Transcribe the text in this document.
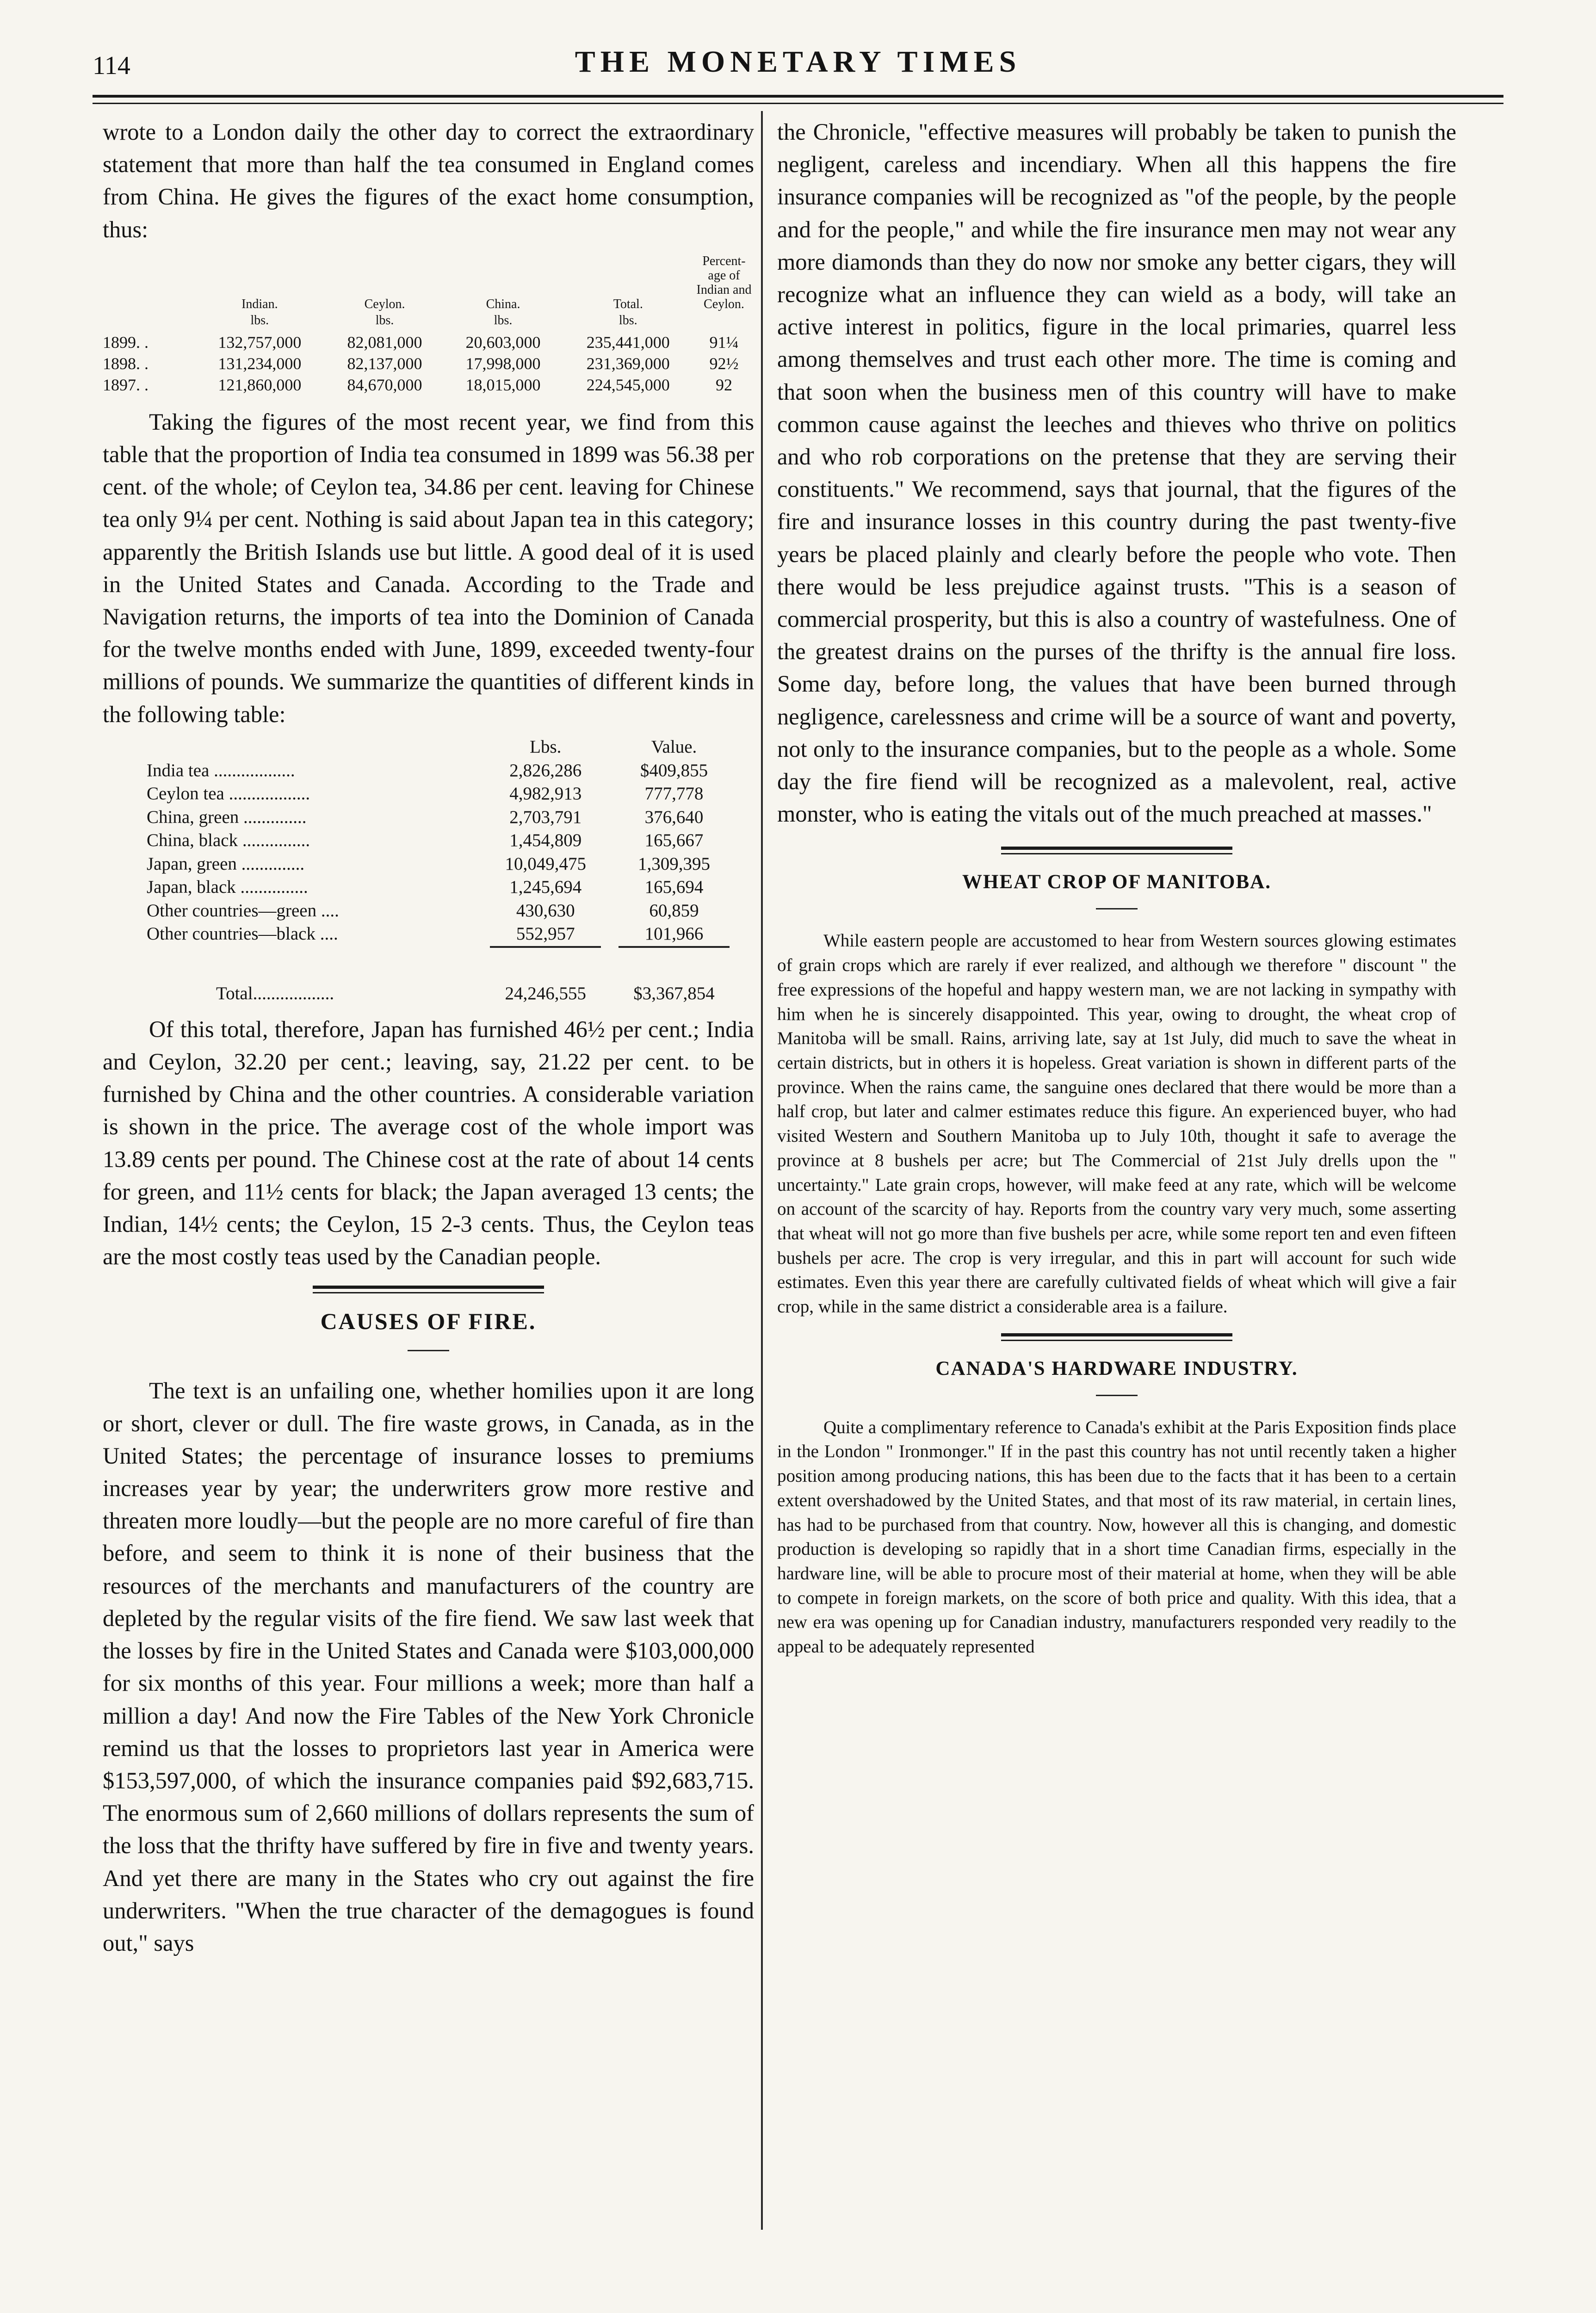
114	THE MONETARY TIMES

wrote to a London daily the other day to correct the extraordinary statement that more than half the tea consumed in England comes from China. He gives the figures of the exact home consumption, thus:

	Indian.	Ceylon.	China.	Total.	Percent-age of Indian and Ceylon.
	lbs.	lbs.	lbs.	lbs.	
1899. .	132,757,000	82,081,000	20,603,000	235,441,000	91¼
1898. .	131,234,000	82,137,000	17,998,000	231,369,000	92½
1897. .	121,860,000	84,670,000	18,015,000	224,545,000	92

Taking the figures of the most recent year, we find from this table that the proportion of India tea consumed in 1899 was 56.38 per cent. of the whole; of Ceylon tea, 34.86 per cent. leaving for Chinese tea only 9¼ per cent. Nothing is said about Japan tea in this category; apparently the British Islands use but little. A good deal of it is used in the United States and Canada. According to the Trade and Navigation returns, the imports of tea into the Dominion of Canada for the twelve months ended with June, 1899, exceeded twenty-four millions of pounds. We summarize the quantities of different kinds in the following table:

	Lbs.	Value.
India tea ..................	2,826,286	$409,855
Ceylon tea ..................	4,982,913	777,778
China, green ..............	2,703,791	376,640
China, black ...............	1,454,809	165,667
Japan, green ..............	10,049,475	1,309,395
Japan, black ...............	1,245,694	165,694
Other countries—green ....	430,630	60,859
Other countries—black ....	552,957	101,966

Total..................	24,246,555	$3,367,854

Of this total, therefore, Japan has furnished 46½ per cent.; India and Ceylon, 32.20 per cent.; leaving, say, 21.22 per cent. to be furnished by China and the other countries. A considerable variation is shown in the price. The average cost of the whole import was 13.89 cents per pound. The Chinese cost at the rate of about 14 cents for green, and 11½ cents for black; the Japan averaged 13 cents; the Indian, 14½ cents; the Ceylon, 15 2-3 cents. Thus, the Ceylon teas are the most costly teas used by the Canadian people.

CAUSES OF FIRE.

The text is an unfailing one, whether homilies upon it are long or short, clever or dull. The fire waste grows, in Canada, as in the United States; the percentage of insurance losses to premiums increases year by year; the underwriters grow more restive and threaten more loudly—but the people are no more careful of fire than before, and seem to think it is none of their business that the resources of the merchants and manufacturers of the country are depleted by the regular visits of the fire fiend. We saw last week that the losses by fire in the United States and Canada were $103,000,000 for six months of this year. Four millions a week; more than half a million a day! And now the Fire Tables of the New York Chronicle remind us that the losses to proprietors last year in America were $153,597,000, of which the insurance companies paid $92,683,715. The enormous sum of 2,660 millions of dollars represents the sum of the loss that the thrifty have suffered by fire in five and twenty years. And yet there are many in the States who cry out against the fire underwriters. "When the true character of the demagogues is found out," says

the Chronicle, "effective measures will probably be taken to punish the negligent, careless and incendiary. When all this happens the fire insurance companies will be recognized as "of the people, by the people and for the people," and while the fire insurance men may not wear any more diamonds than they do now nor smoke any better cigars, they will recognize what an influence they can wield as a body, will take an active interest in politics, figure in the local primaries, quarrel less among themselves and trust each other more. The time is coming and that soon when the business men of this country will have to make common cause against the leeches and thieves who thrive on politics and who rob corporations on the pretense that they are serving their constituents." We recommend, says that journal, that the figures of the fire and insurance losses in this country during the past twenty-five years be placed plainly and clearly before the people who vote. Then there would be less prejudice against trusts. "This is a season of commercial prosperity, but this is also a country of wastefulness. One of the greatest drains on the purses of the thrifty is the annual fire loss. Some day, before long, the values that have been burned through negligence, carelessness and crime will be a source of want and poverty, not only to the insurance companies, but to the people as a whole. Some day the fire fiend will be recognized as a malevolent, real, active monster, who is eating the vitals out of the much preached at masses."

WHEAT CROP OF MANITOBA.

While eastern people are accustomed to hear from Western sources glowing estimates of grain crops which are rarely if ever realized, and although we therefore " discount " the free expressions of the hopeful and happy western man, we are not lacking in sympathy with him when he is sincerely disappointed. This year, owing to drought, the wheat crop of Manitoba will be small. Rains, arriving late, say at 1st July, did much to save the wheat in certain districts, but in others it is hopeless. Great variation is shown in different parts of the province. When the rains came, the sanguine ones declared that there would be more than a half crop, but later and calmer estimates reduce this figure. An experienced buyer, who had visited Western and Southern Manitoba up to July 10th, thought it safe to average the province at 8 bushels per acre; but The Commercial of 21st July drells upon the " uncertainty." Late grain crops, however, will make feed at any rate, which will be welcome on account of the scarcity of hay. Reports from the country vary very much, some asserting that wheat will not go more than five bushels per acre, while some report ten and even fifteen bushels per acre. The crop is very irregular, and this in part will account for such wide estimates. Even this year there are carefully cultivated fields of wheat which will give a fair crop, while in the same district a considerable area is a failure.

CANADA'S HARDWARE INDUSTRY.

Quite a complimentary reference to Canada's exhibit at the Paris Exposition finds place in the London " Ironmonger." If in the past this country has not until recently taken a higher position among producing nations, this has been due to the facts that it has been to a certain extent overshadowed by the United States, and that most of its raw material, in certain lines, has had to be purchased from that country. Now, however all this is changing, and domestic production is developing so rapidly that in a short time Canadian firms, especially in the hardware line, will be able to procure most of their material at home, when they will be able to compete in foreign markets, on the score of both price and quality. With this idea, that a new era was opening up for Canadian industry, manufacturers responded very readily to the appeal to be adequately represented
